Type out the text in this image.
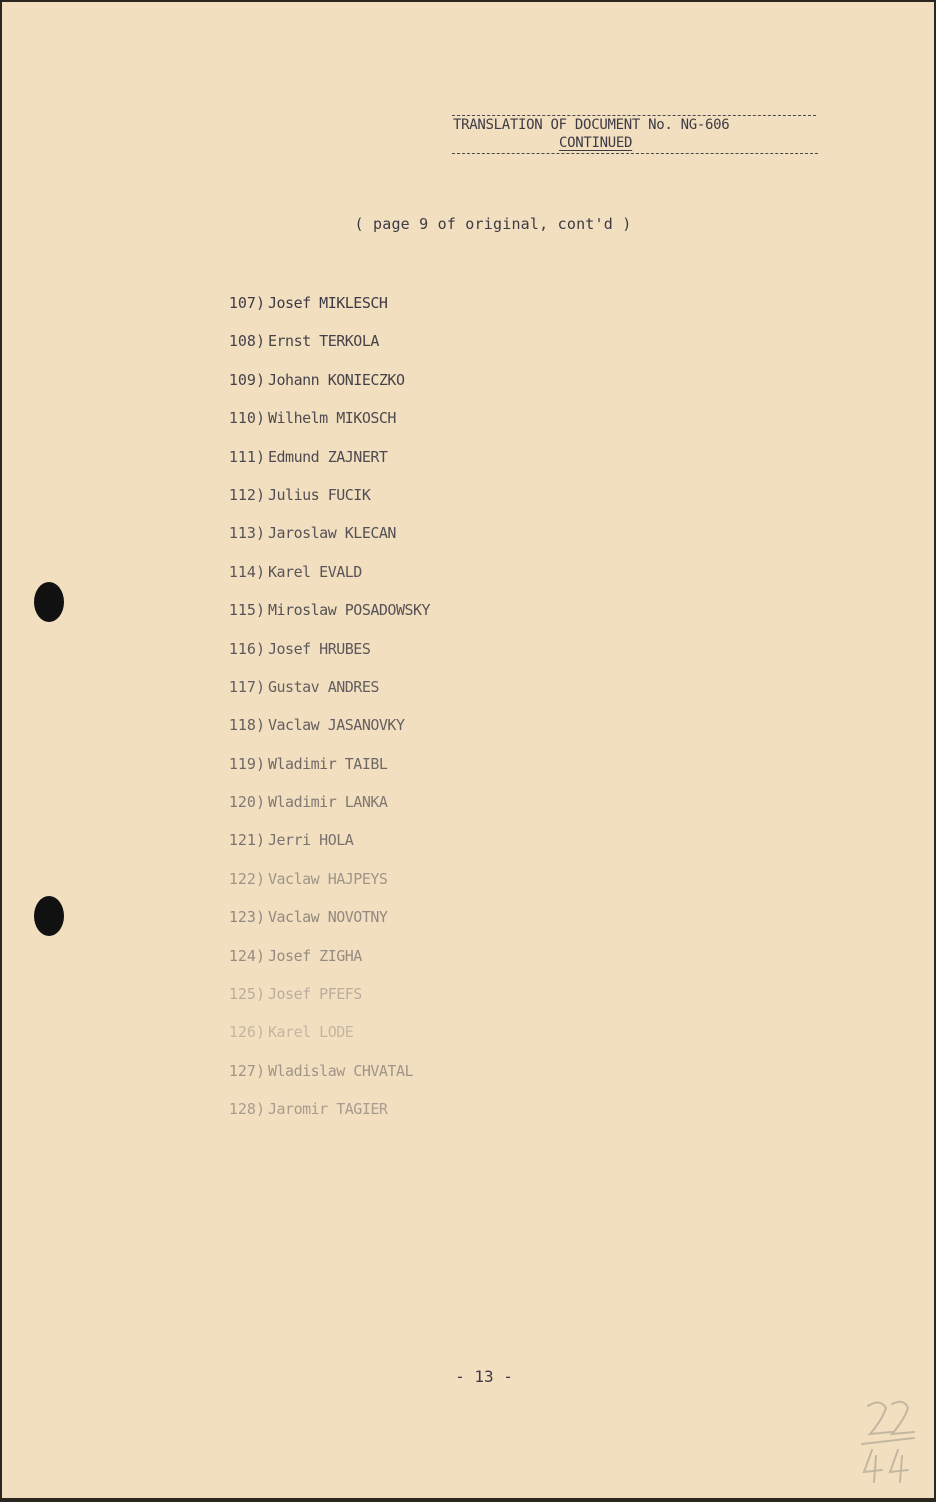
TRANSLATION OF DOCUMENT No. NG-606
CONTINUED
( page 9 of original, cont'd )
107) Josef MIKLESCH
108) Ernst TERKOLA
109) Johann KONIECZKO
110) Wilhelm MIKOSCH
111) Edmund ZAJNERT
112) Julius FUCIK
113) Jaroslaw KLECAN
114) Karel EVALD
115) Miroslaw POSADOWSKY
116) Josef HRUBES
117) Gustav ANDRES
118) Vaclaw JASANOVKY
119) Wladimir TAIBL
120) Wladimir LANKA
121) Jerri HOLA
122) Vaclaw HAJPEYS
123) Vaclaw NOVOTNY
124) Josef ZIGHA
125) Josef PFEFS
126) Karel LODE
127) Wladislaw CHVATAL
128) Jaromir TAGIER
- 13 -
